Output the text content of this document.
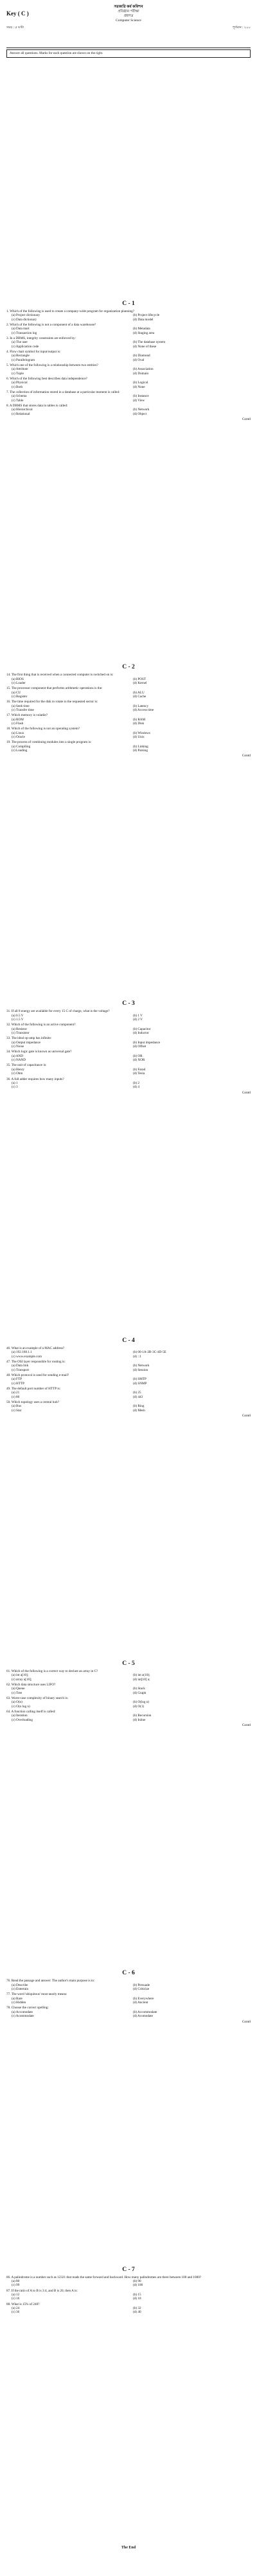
Key ( C )
সরকারি কর্ম কমিশন
প্রতিষ্ঠান পরীক্ষা
প্রশ্নপত্র
Computer Science
সময় : ৫ ঘণ্টা	পূর্ণমান : ২০০
Answer all questions. Marks for each question are shown on the right.
C - 1
1. Which of the following is used to create a company-wide program for organization planning?
(a) Project dictionary	(b) Project lifecycle
(c) Data dictionary	(d) Data model
2. Which of the following is not a component of a data warehouse?
(a) Data mart	(b) Metadata
(c) Transaction log	(d) Staging area
3. In a DBMS, integrity constraints are enforced by:
(a) The user	(b) The database system
(c) Application code	(d) None of these
4. Flow chart symbol for input/output is:
(a) Rectangle	(b) Diamond
(c) Parallelogram	(d) Oval
5. Which one of the following is a relationship between two entities?
(a) Attribute	(b) Association
(c) Tuple	(d) Domain
6. Which of the following best describes data independence?
(a) Physical	(b) Logical
(c) Both	(d) None
7. The collection of information stored in a database at a particular moment is called:
(a) Schema	(b) Instance
(c) Table	(d) View
8. A DBMS that stores data in tables is called:
(a) Hierarchical	(b) Network
(c) Relational	(d) Object
Contd
C - 2
14. The first thing that is received when a connected computer is switched on is:
(a) BIOS	(b) POST
(c) Loader	(d) Kernel
15. The processor component that performs arithmetic operations is the:
(a) CU	(b) ALU
(c) Register	(d) Cache
16. The time required for the disk to rotate to the requested sector is:
(a) Seek time	(b) Latency
(c) Transfer time	(d) Access time
17. Which memory is volatile?
(a) ROM	(b) RAM
(c) Flash	(d) Disk
18. Which of the following is not an operating system?
(a) Linux	(b) Windows
(c) Oracle	(d) Unix
19. The process of combining modules into a single program is:
(a) Compiling	(b) Linking
(c) Loading	(d) Parsing
Contd
C - 3
31. If all 8 energy are available for every 15 C of charge, what is the voltage?
(a) 0.5 V	(b) 1 V
(c) 1.5 V	(d) 2 V
32. Which of the following is an active component?
(a) Resistor	(b) Capacitor
(c) Transistor	(d) Inductor
33. The ideal op-amp has infinite:
(a) Output impedance	(b) Input impedance
(c) Noise	(d) Offset
34. Which logic gate is known as universal gate?
(a) AND	(b) OR
(c) NAND	(d) XOR
35. The unit of capacitance is:
(a) Henry	(b) Farad
(c) Ohm	(d) Tesla
36. A full adder requires how many inputs?
(a) 1	(b) 2
(c) 3	(d) 4
Contd
C - 4
46. What is an example of a MAC address?
(a) 192.168.1.1	(b) 00-1A-2B-3C-4D-5E
(c) www.example.com	(d) ::1
47. The OSI layer responsible for routing is:
(a) Data link	(b) Network
(c) Transport	(d) Session
48. Which protocol is used for sending e-mail?
(a) FTP	(b) SMTP
(c) HTTP	(d) SNMP
49. The default port number of HTTP is:
(a) 21	(b) 25
(c) 80	(d) 443
50. Which topology uses a central hub?
(a) Bus	(b) Ring
(c) Star	(d) Mesh
Contd
C - 5
61. Which of the following is a correct way to declare an array in C?
(a) int a[10];	(b) int a(10);
(c) array a[10];	(d) int[10] a;
62. Which data structure uses LIFO?
(a) Queue	(b) Stack
(c) Tree	(d) Graph
63. Worst-case complexity of binary search is:
(a) O(n)	(b) O(log n)
(c) O(n log n)	(d) O(1)
64. A function calling itself is called:
(a) Iteration	(b) Recursion
(c) Overloading	(d) Inline
Contd
C - 6
76. Read the passage and answer: The author's main purpose is to:
(a) Describe	(b) Persuade
(c) Entertain	(d) Criticize
77. The word 'ubiquitous' most nearly means:
(a) Rare	(b) Everywhere
(c) Hidden	(d) Ancient
78. Choose the correct spelling:
(a) Accomodate	(b) Accommodate
(c) Acommodate	(d) Acomodate
Contd
C - 7
86. A palindrome is a number such as 12321 that reads the same forward and backward. How many palindromes are there between 100 and 1000?
(a) 80	(b) 90
(c) 99	(d) 100
87. If the ratio of A to B is 3:4, and B is 20, then A is:
(a) 12	(b) 15
(c) 16	(d) 18
88. What is 15% of 240?
(a) 24	(b) 32
(c) 36	(d) 40
The End
